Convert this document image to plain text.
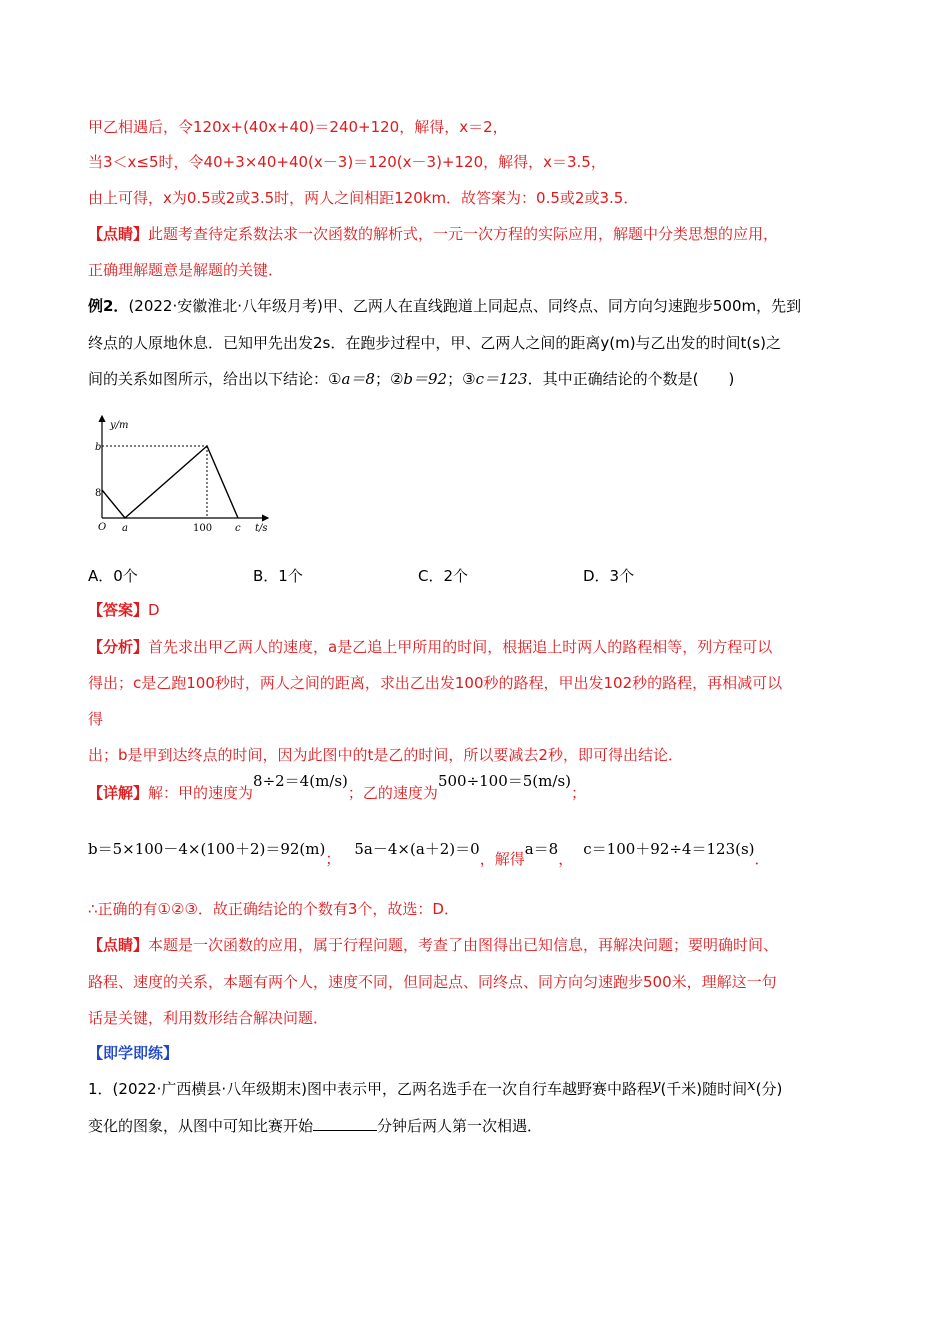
甲乙相遇后，令120x+(40x+40)＝240+120，解得，x＝2，
当3＜x≤5时，令40+3×40+40(x－3)＝120(x－3)+120，解得，x＝3.5，
由上可得，x为0.5或2或3.5时，两人之间相距120km．故答案为：0.5或2或3.5．
【点睛】此题考查待定系数法求一次函数的解析式，一元一次方程的实际应用，解题中分类思想的应用，
正确理解题意是解题的关键．
例2．(2022·安徽淮北·八年级月考)甲、乙两人在直线跑道上同起点、同终点、同方向匀速跑步500m，先到
终点的人原地休息．已知甲先出发2s．在跑步过程中，甲、乙两人之间的距离y(m)与乙出发的时间t(s)之
间的关系如图所示，给出以下结论：①a＝8；②b＝92；③c＝123．其中正确结论的个数是(　　)
y/m
t/s
O
b
8
a	100 c
A．0个	B．1个	C．2个	D．3个
【答案】D
【分析】首先求出甲乙两人的速度，a是乙追上甲所用的时间，根据追上时两人的路程相等，列方程可以
得出；c是乙跑100秒时，两人之间的距离，求出乙出发100秒的路程，甲出发102秒的路程，再相减可以
得
出；b是甲到达终点的时间，因为此图中的t是乙的时间，所以要减去2秒，即可得出结论．
【详解】解：甲的速度为8÷2＝4(m/s)；乙的速度为500÷100＝5(m/s)；
b＝5×100－4×(100＋2)＝92(m)；5a－4×(a＋2)＝0，解得a＝8，c＝100＋92÷4＝123(s)．
∴正确的有①②③．故正确结论的个数有3个，故选：D．
【点睛】本题是一次函数的应用，属于行程问题，考查了由图得出已知信息，再解决问题；要明确时间、
路程、速度的关系，本题有两个人，速度不同，但同起点、同终点、同方向匀速跑步500米，理解这一句
话是关键，利用数形结合解决问题．
【即学即练】
1．(2022·广西横县·八年级期末)图中表示甲，乙两名选手在一次自行车越野赛中路程y(千米)随时间x(分)
变化的图象，从图中可知比赛开始	分钟后两人第一次相遇．
